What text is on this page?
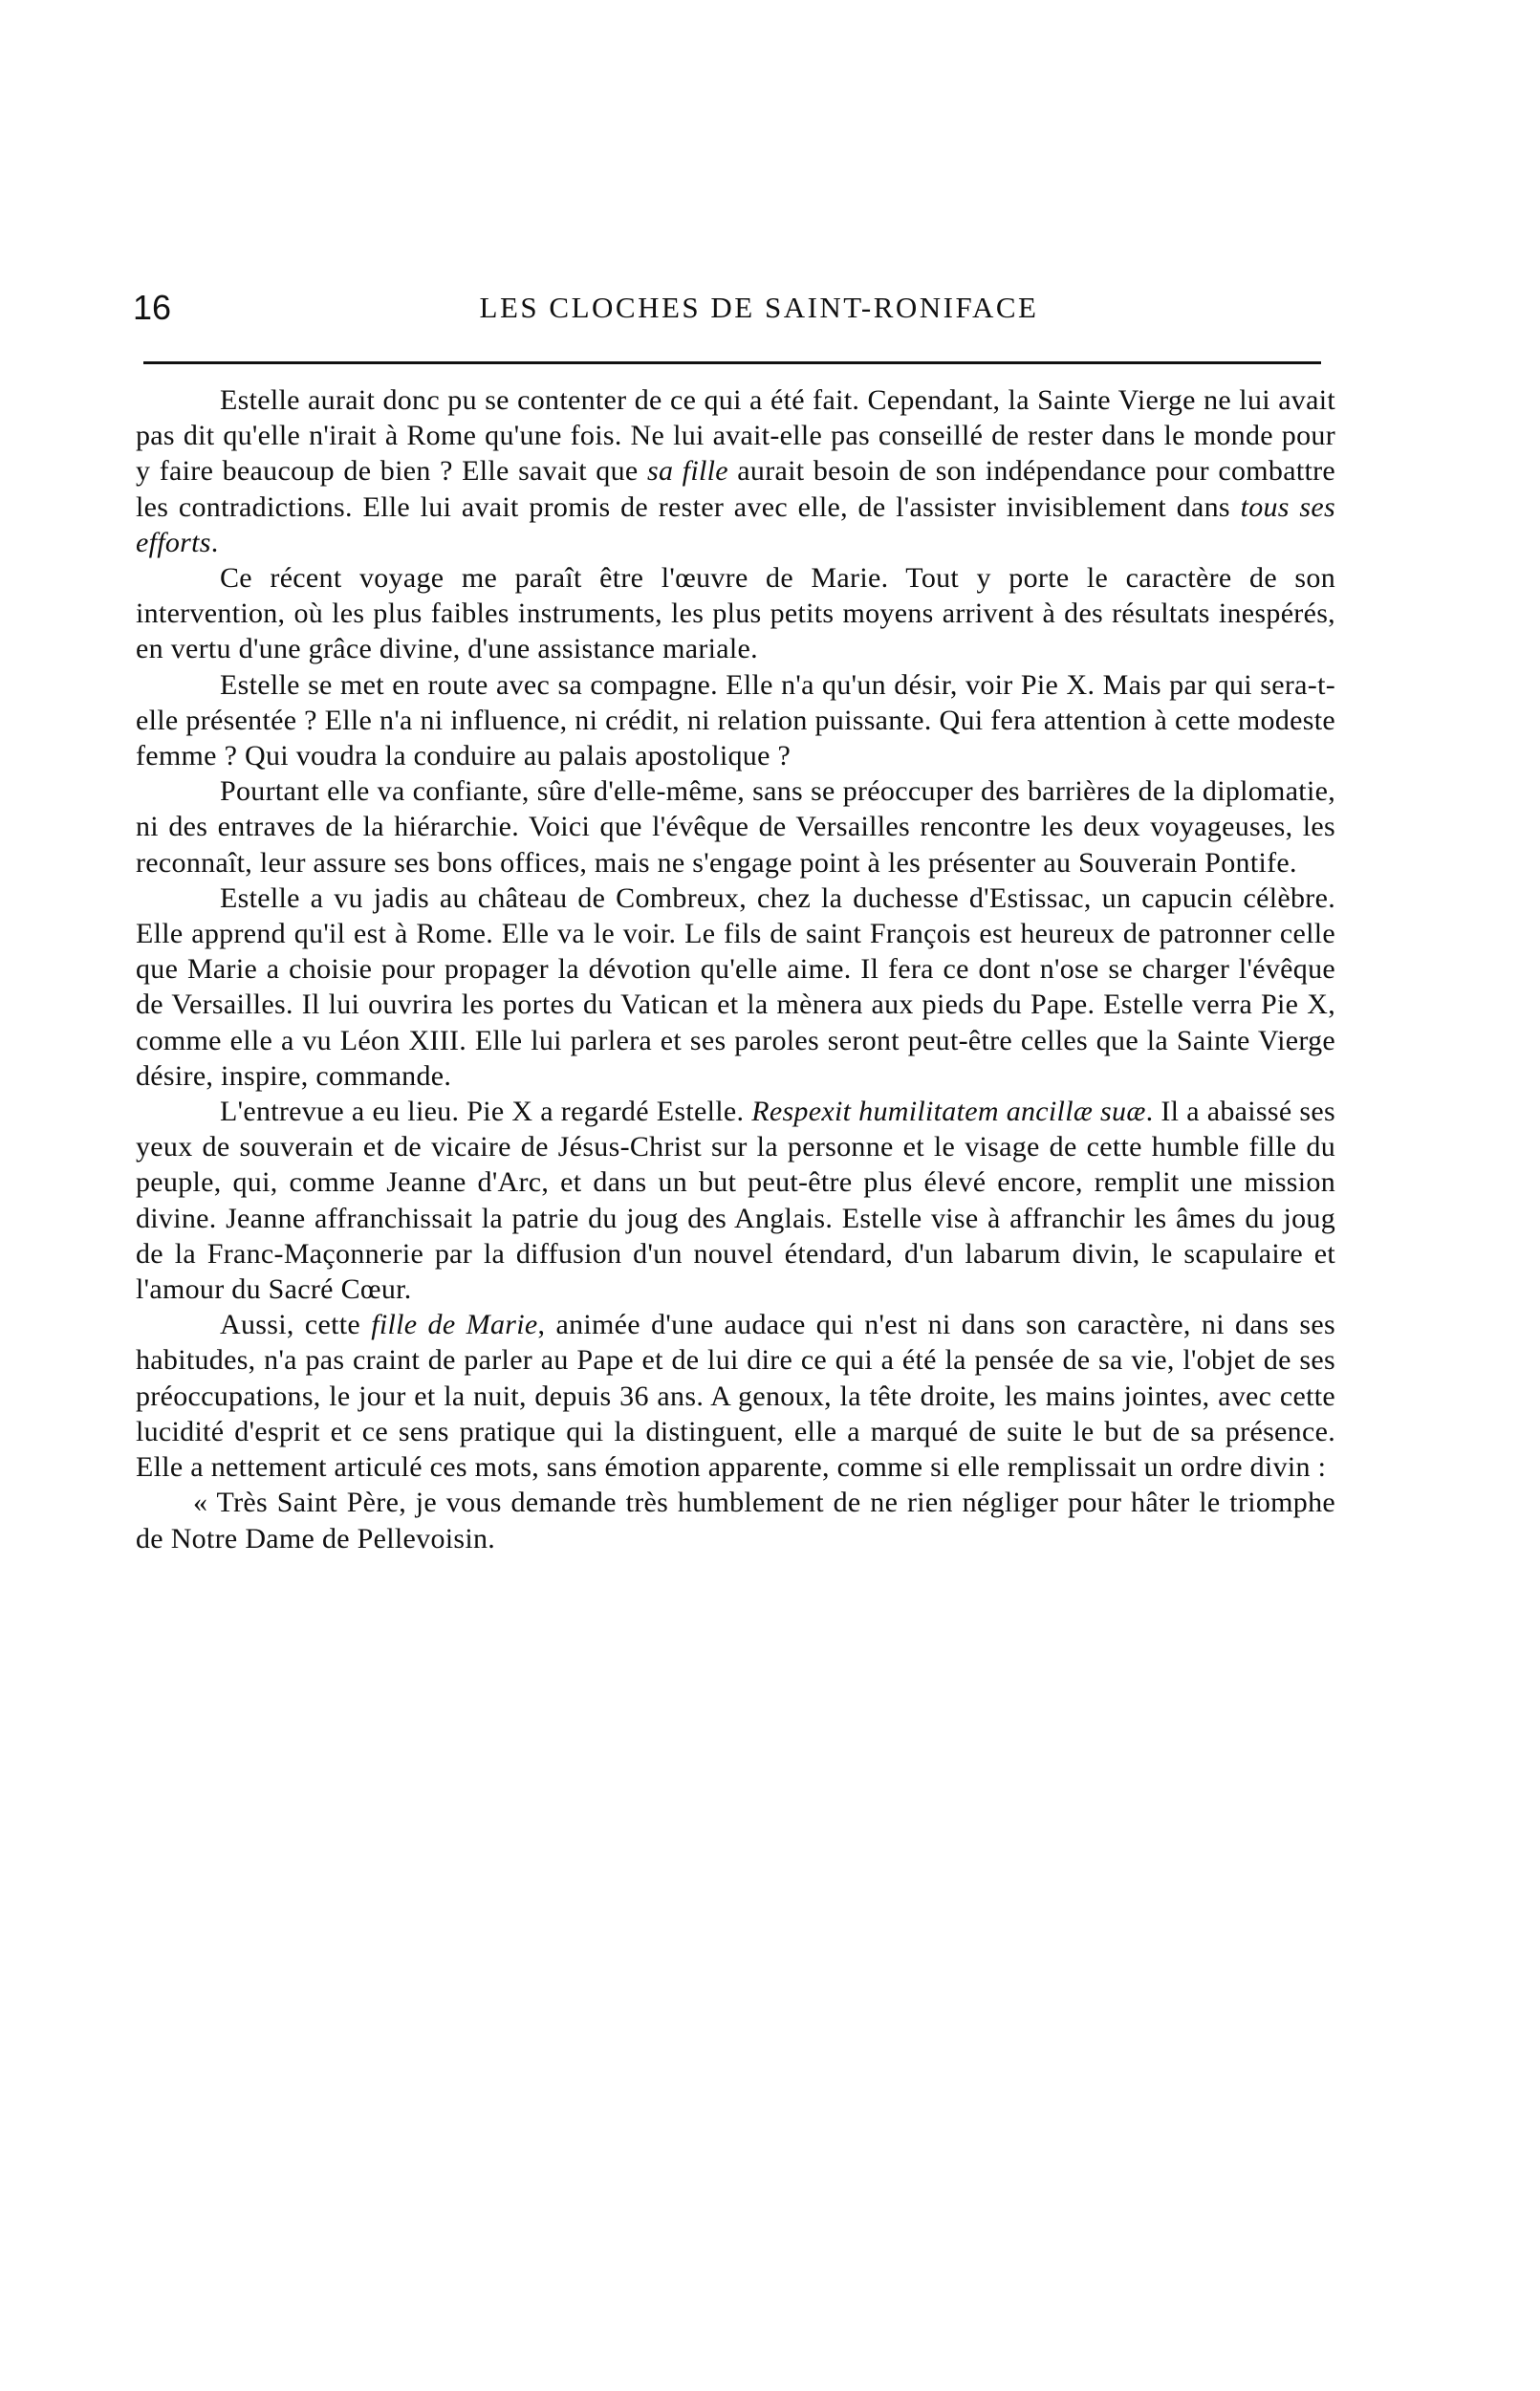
16	LES CLOCHES DE SAINT-RONIFACE

Estelle aurait donc pu se contenter de ce qui a été fait. Cependant, la Sainte Vierge ne lui avait pas dit qu'elle n'irait à Rome qu'une fois. Ne lui avait-elle pas conseillé de rester dans le monde pour y faire beaucoup de bien ? Elle savait que sa fille aurait besoin de son indépendance pour combattre les contradictions. Elle lui avait promis de rester avec elle, de l'assister invisiblement dans tous ses efforts.

Ce récent voyage me paraît être l'œuvre de Marie. Tout y porte le caractère de son intervention, où les plus faibles instruments, les plus petits moyens arrivent à des résultats inespérés, en vertu d'une grâce divine, d'une assistance mariale.

Estelle se met en route avec sa compagne. Elle n'a qu'un désir, voir Pie X. Mais par qui sera-t-elle présentée ? Elle n'a ni influence, ni crédit, ni relation puissante. Qui fera attention à cette modeste femme ? Qui voudra la conduire au palais apostolique ?

Pourtant elle va confiante, sûre d'elle-même, sans se préoccuper des barrières de la diplomatie, ni des entraves de la hiérarchie. Voici que l'évêque de Versailles rencontre les deux voyageuses, les reconnaît, leur assure ses bons offices, mais ne s'engage point à les présenter au Souverain Pontife.

Estelle a vu jadis au château de Combreux, chez la duchesse d'Estissac, un capucin célèbre. Elle apprend qu'il est à Rome. Elle va le voir. Le fils de saint François est heureux de patronner celle que Marie a choisie pour propager la dévotion qu'elle aime. Il fera ce dont n'ose se charger l'évêque de Versailles. Il lui ouvrira les portes du Vatican et la mènera aux pieds du Pape. Estelle verra Pie X, comme elle a vu Léon XIII. Elle lui parlera et ses paroles seront peut-être celles que la Sainte Vierge désire, inspire, commande.

L'entrevue a eu lieu. Pie X a regardé Estelle. Respexit humilitatem ancillæ suæ. Il a abaissé ses yeux de souverain et de vicaire de Jésus-Christ sur la personne et le visage de cette humble fille du peuple, qui, comme Jeanne d'Arc, et dans un but peut-être plus élevé encore, remplit une mission divine. Jeanne affranchissait la patrie du joug des Anglais. Estelle vise à affranchir les âmes du joug de la Franc-Maçonnerie par la diffusion d'un nouvel étendard, d'un labarum divin, le scapulaire et l'amour du Sacré Cœur.

Aussi, cette fille de Marie, animée d'une audace qui n'est ni dans son caractère, ni dans ses habitudes, n'a pas craint de parler au Pape et de lui dire ce qui a été la pensée de sa vie, l'objet de ses préoccupations, le jour et la nuit, depuis 36 ans. A genoux, la tête droite, les mains jointes, avec cette lucidité d'esprit et ce sens pratique qui la distinguent, elle a marqué de suite le but de sa présence. Elle a nettement articulé ces mots, sans émotion apparente, comme si elle remplissait un ordre divin :

« Très Saint Père, je vous demande très humblement de ne rien négliger pour hâter le triomphe de Notre Dame de Pellevoisin.
